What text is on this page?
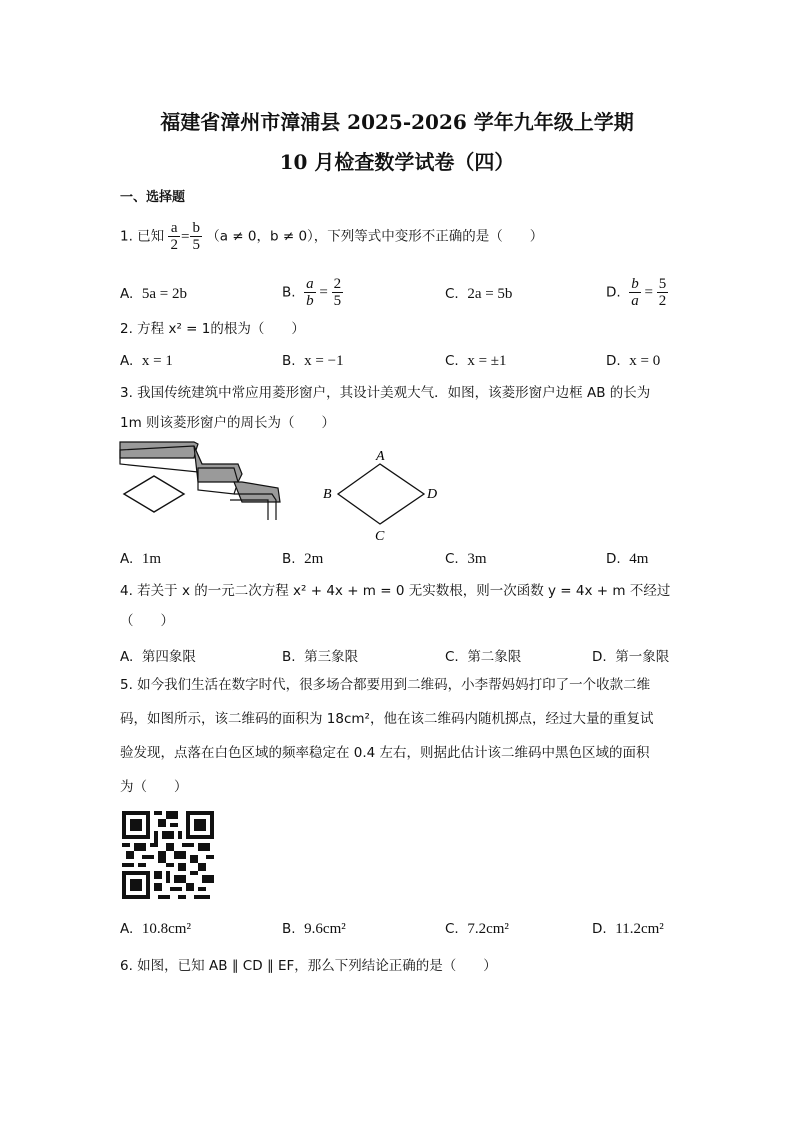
福建省漳州市漳浦县 2025-2026 学年九年级上学期
10 月检查数学试卷（四）
一、选择题
1. 已知 $\frac{a}{2} = \frac{b}{5} (a \ne 0$，b ≠ 0），下列等式中变形不正确的是（　　）
A. 5a = 2b	B. $\frac{a}{b} = \frac{2}{5}$	C. 2a = 5b	D. $\frac{b}{a} = \frac{5}{2}$
2. 方程 x² = 1的根为（　　）
A. x = 1	B. x = −1	C. x = ±1	D. x = 0
3. 我国传统建筑中常应用菱形窗户，其设计美观大气．如图，该菱形窗户边框 AB 的长为
1m 则该菱形窗户的周长为（　　）
A
B
C
D
A. 1m	B. 2m	C. 3m	D. 4m
4. 若关于 x 的一元二次方程 x² + 4x + m = 0 无实数根，则一次函数 y = 4x + m 不经过
（　　）
A. 第四象限	B. 第三象限	C. 第二象限	D. 第一象限
5. 如今我们生活在数字时代，很多场合都要用到二维码，小李帮妈妈打印了一个收款二维
码，如图所示，该二维码的面积为 18cm²，他在该二维码内随机掷点，经过大量的重复试
验发现，点落在白色区域的频率稳定在 0.4 左右，则据此估计该二维码中黑色区域的面积
为（　　）
A. 10.8cm²	B. 9.6cm²	C. 7.2cm²	D. 11.2cm²
6. 如图，已知 AB ∥ CD ∥ EF，那么下列结论正确的是（　　）
